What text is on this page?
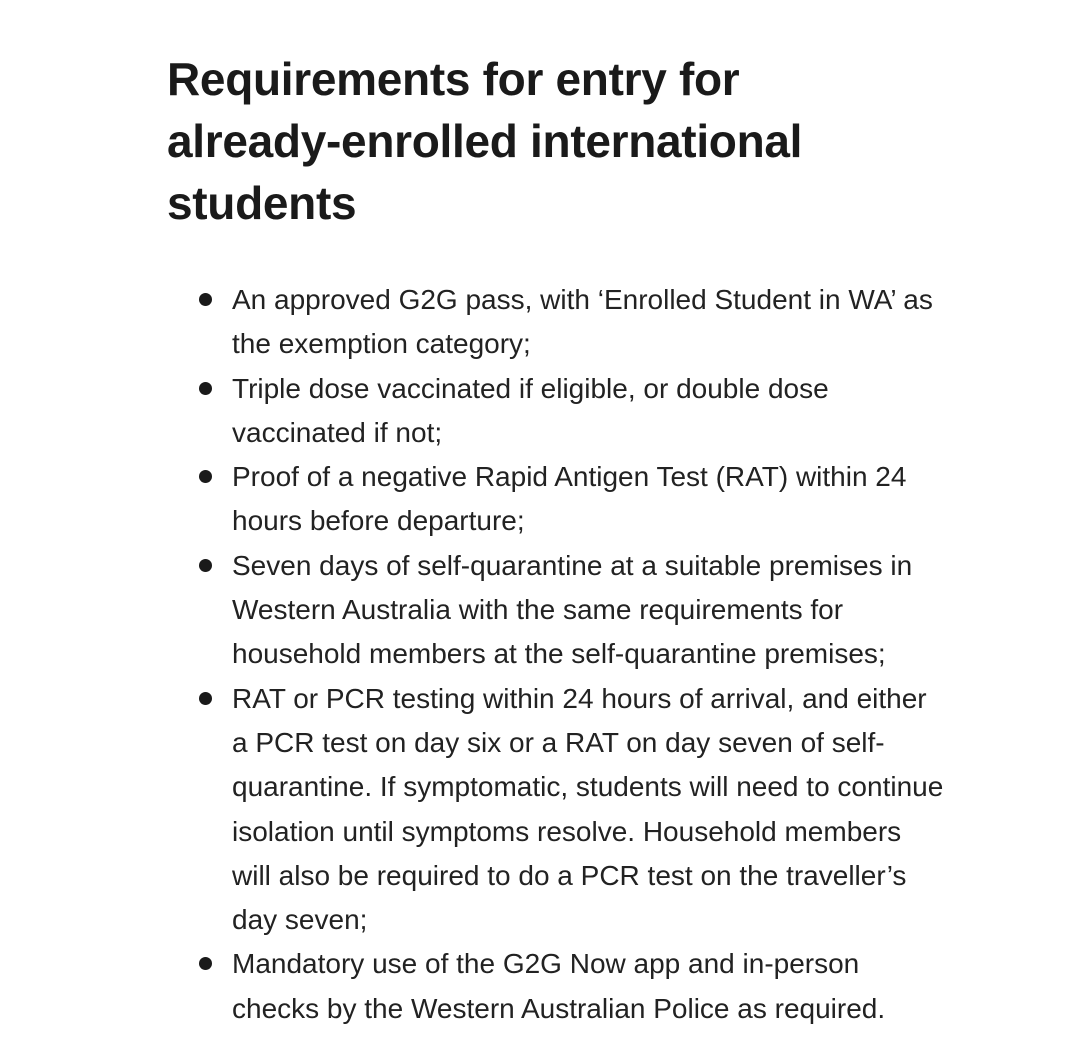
Requirements for entry for already-enrolled international students
An approved G2G pass, with ‘Enrolled Student in WA’ as the exemption category;
Triple dose vaccinated if eligible, or double dose vaccinated if not;
Proof of a negative Rapid Antigen Test (RAT) within 24 hours before departure;
Seven days of self-quarantine at a suitable premises in Western Australia with the same requirements for household members at the self-quarantine premises;
RAT or PCR testing within 24 hours of arrival, and either a PCR test on day six or a RAT on day seven of self-quarantine. If symptomatic, students will need to continue isolation until symptoms resolve. Household members will also be required to do a PCR test on the traveller’s day seven;
Mandatory use of the G2G Now app and in-person checks by the Western Australian Police as required.
